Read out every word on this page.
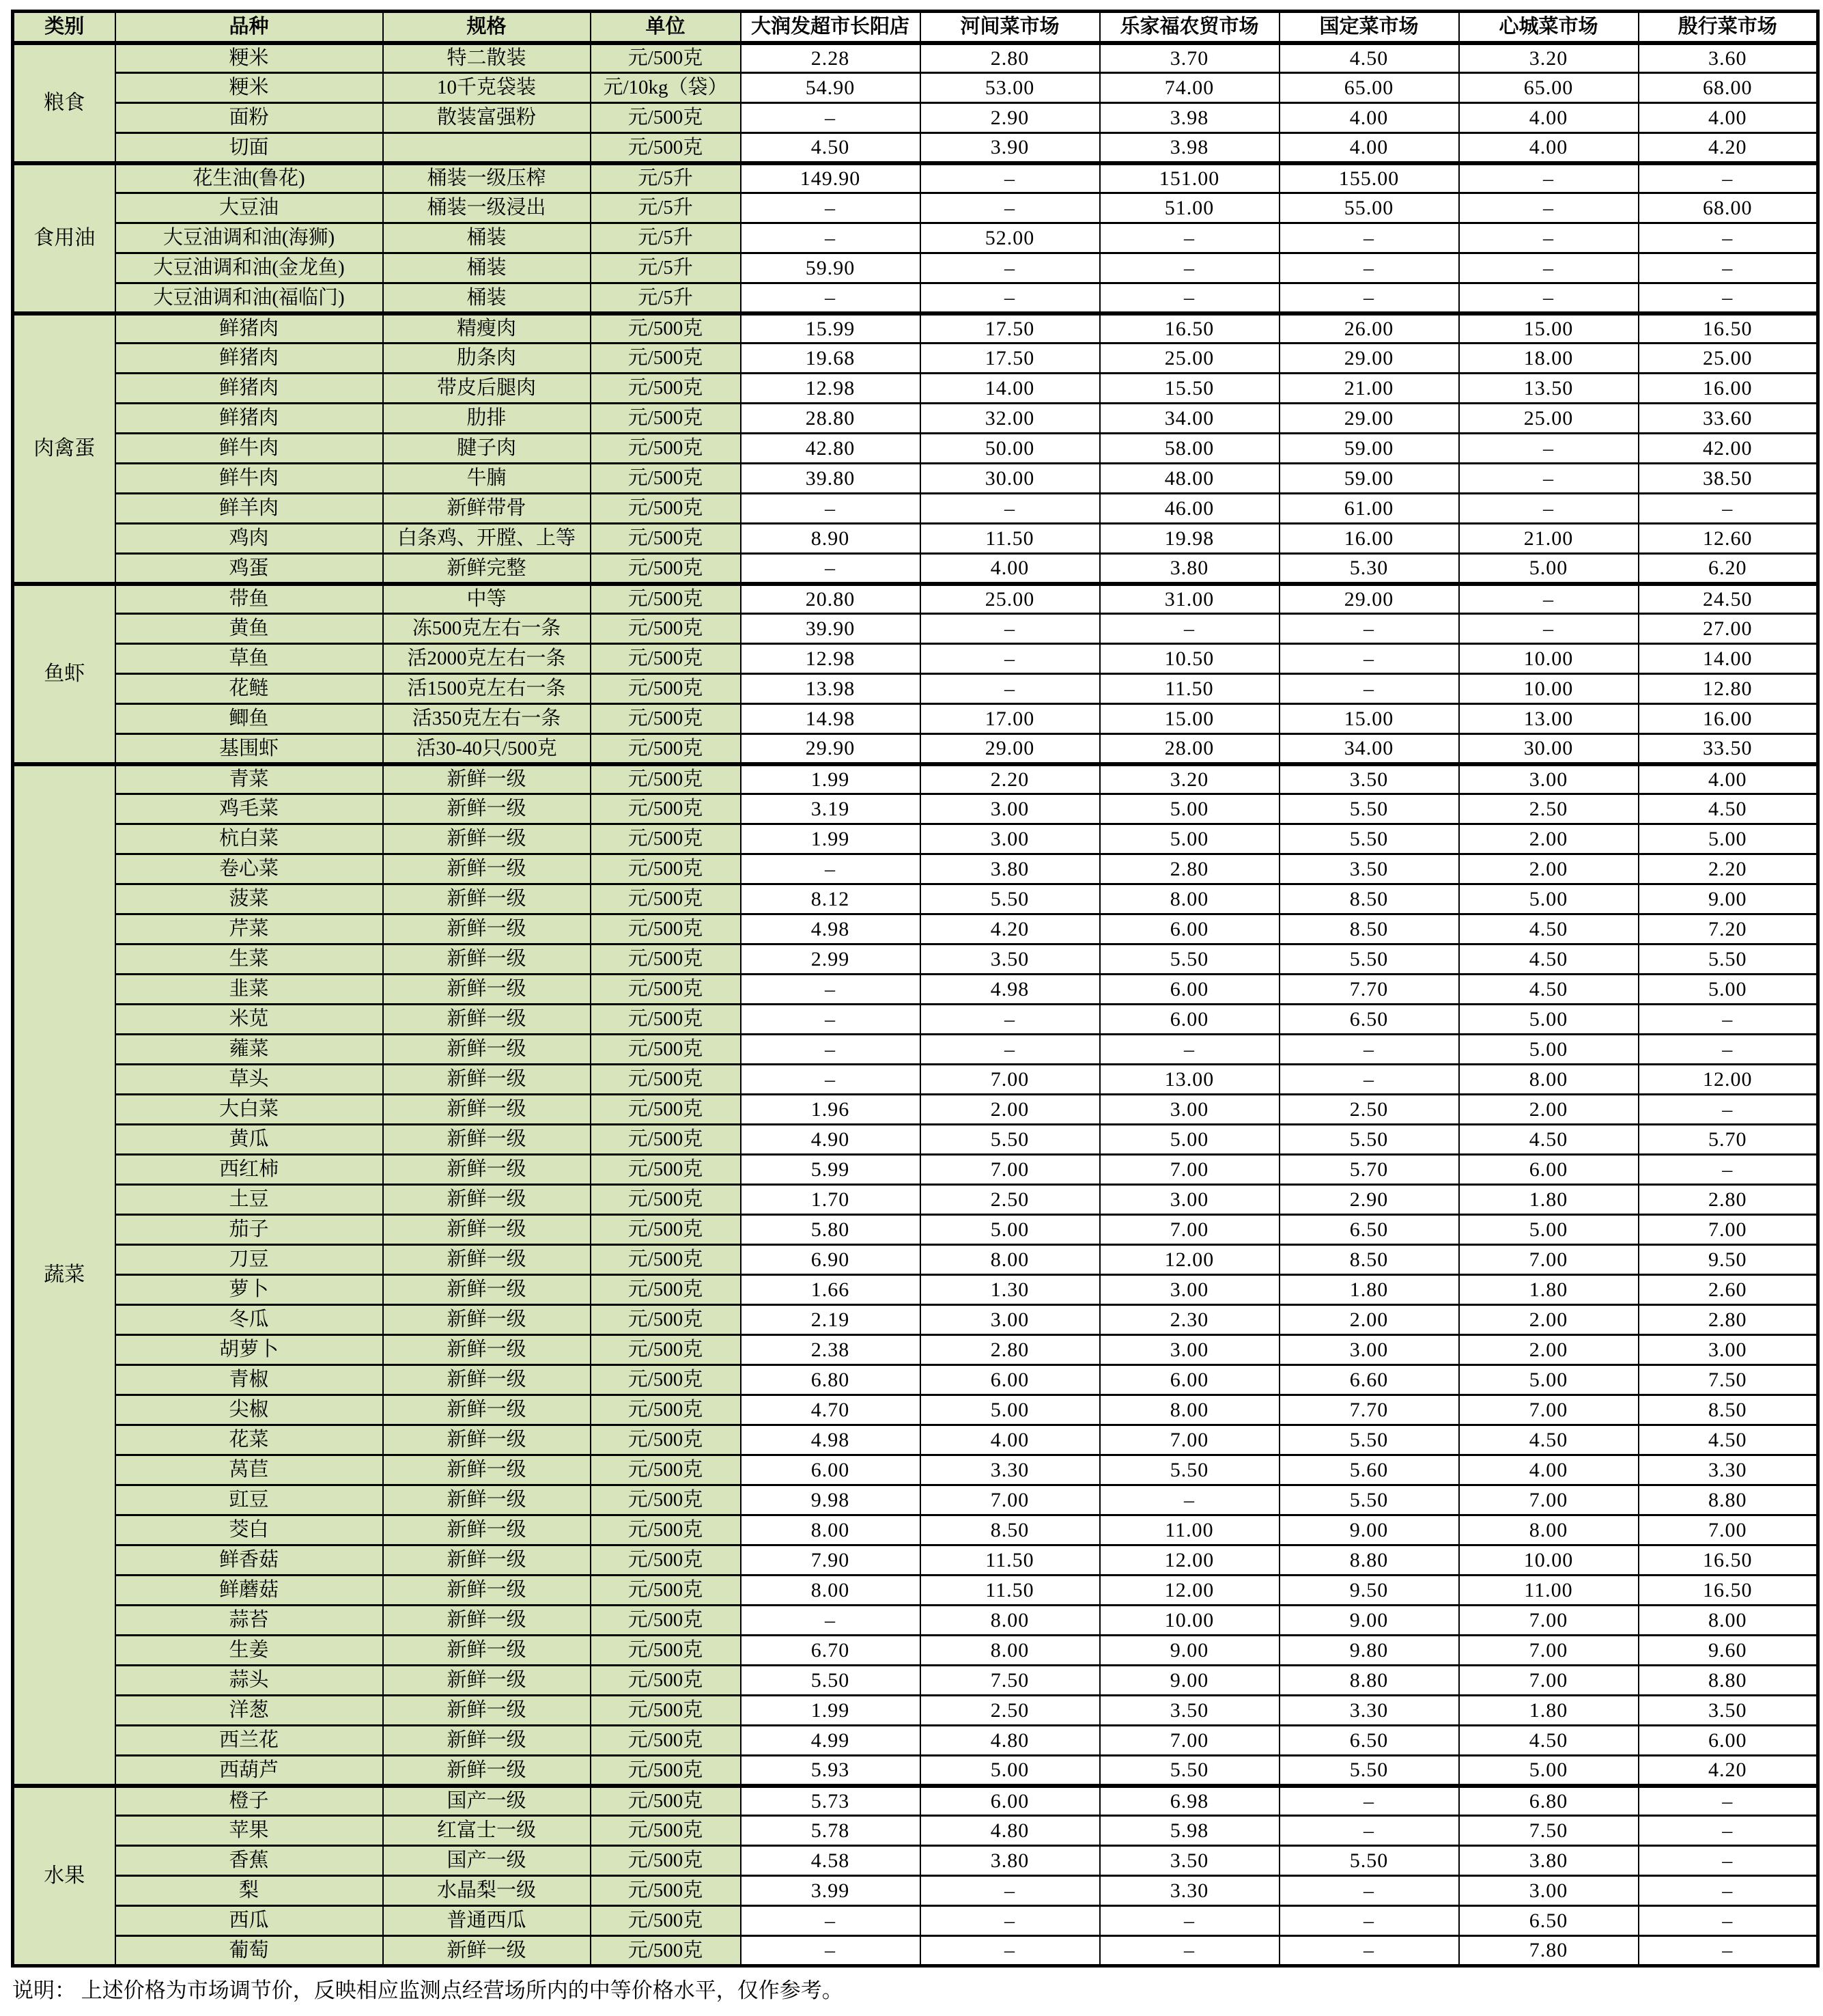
类别	品种	规格	单位	大润发超市长阳店	河间菜市场	乐家福农贸市场	国定菜市场	心城菜市场	殷行菜市场
粮食	粳米	特二散装	元/500克	2.28	2.80	3.70	4.50	3.20	3.60
	粳米	10千克袋装	元/10kg（袋）	54.90	53.00	74.00	65.00	65.00	68.00
	面粉	散装富强粉	元/500克	–	2.90	3.98	4.00	4.00	4.00
	切面		元/500克	4.50	3.90	3.98	4.00	4.00	4.20
食用油	花生油(鲁花)	桶装一级压榨	元/5升	149.90	–	151.00	155.00	–	–
	大豆油	桶装一级浸出	元/5升	–	–	51.00	55.00	–	68.00
	大豆油调和油(海狮)	桶装	元/5升	–	52.00	–	–	–	–
	大豆油调和油(金龙鱼)	桶装	元/5升	59.90	–	–	–	–	–
	大豆油调和油(福临门)	桶装	元/5升	–	–	–	–	–	–
肉禽蛋	鲜猪肉	精瘦肉	元/500克	15.99	17.50	16.50	26.00	15.00	16.50
	鲜猪肉	肋条肉	元/500克	19.68	17.50	25.00	29.00	18.00	25.00
	鲜猪肉	带皮后腿肉	元/500克	12.98	14.00	15.50	21.00	13.50	16.00
	鲜猪肉	肋排	元/500克	28.80	32.00	34.00	29.00	25.00	33.60
	鲜牛肉	腱子肉	元/500克	42.80	50.00	58.00	59.00	–	42.00
	鲜牛肉	牛腩	元/500克	39.80	30.00	48.00	59.00	–	38.50
	鲜羊肉	新鲜带骨	元/500克	–	–	46.00	61.00	–	–
	鸡肉	白条鸡、开膛、上等	元/500克	8.90	11.50	19.98	16.00	21.00	12.60
	鸡蛋	新鲜完整	元/500克	–	4.00	3.80	5.30	5.00	6.20
鱼虾	带鱼	中等	元/500克	20.80	25.00	31.00	29.00	–	24.50
	黄鱼	冻500克左右一条	元/500克	39.90	–	–	–	–	27.00
	草鱼	活2000克左右一条	元/500克	12.98	–	10.50	–	10.00	14.00
	花鲢	活1500克左右一条	元/500克	13.98	–	11.50	–	10.00	12.80
	鲫鱼	活350克左右一条	元/500克	14.98	17.00	15.00	15.00	13.00	16.00
	基围虾	活30-40只/500克	元/500克	29.90	29.00	28.00	34.00	30.00	33.50
蔬菜	青菜	新鲜一级	元/500克	1.99	2.20	3.20	3.50	3.00	4.00
	鸡毛菜	新鲜一级	元/500克	3.19	3.00	5.00	5.50	2.50	4.50
	杭白菜	新鲜一级	元/500克	1.99	3.00	5.00	5.50	2.00	5.00
	卷心菜	新鲜一级	元/500克	–	3.80	2.80	3.50	2.00	2.20
	菠菜	新鲜一级	元/500克	8.12	5.50	8.00	8.50	5.00	9.00
	芹菜	新鲜一级	元/500克	4.98	4.20	6.00	8.50	4.50	7.20
	生菜	新鲜一级	元/500克	2.99	3.50	5.50	5.50	4.50	5.50
	韭菜	新鲜一级	元/500克	–	4.98	6.00	7.70	4.50	5.00
	米苋	新鲜一级	元/500克	–	–	6.00	6.50	5.00	–
	蕹菜	新鲜一级	元/500克	–	–	–	–	5.00	–
	草头	新鲜一级	元/500克	–	7.00	13.00	–	8.00	12.00
	大白菜	新鲜一级	元/500克	1.96	2.00	3.00	2.50	2.00	–
	黄瓜	新鲜一级	元/500克	4.90	5.50	5.00	5.50	4.50	5.70
	西红柿	新鲜一级	元/500克	5.99	7.00	7.00	5.70	6.00	–
	土豆	新鲜一级	元/500克	1.70	2.50	3.00	2.90	1.80	2.80
	茄子	新鲜一级	元/500克	5.80	5.00	7.00	6.50	5.00	7.00
	刀豆	新鲜一级	元/500克	6.90	8.00	12.00	8.50	7.00	9.50
	萝卜	新鲜一级	元/500克	1.66	1.30	3.00	1.80	1.80	2.60
	冬瓜	新鲜一级	元/500克	2.19	3.00	2.30	2.00	2.00	2.80
	胡萝卜	新鲜一级	元/500克	2.38	2.80	3.00	3.00	2.00	3.00
	青椒	新鲜一级	元/500克	6.80	6.00	6.00	6.60	5.00	7.50
	尖椒	新鲜一级	元/500克	4.70	5.00	8.00	7.70	7.00	8.50
	花菜	新鲜一级	元/500克	4.98	4.00	7.00	5.50	4.50	4.50
	莴苣	新鲜一级	元/500克	6.00	3.30	5.50	5.60	4.00	3.30
	豇豆	新鲜一级	元/500克	9.98	7.00	–	5.50	7.00	8.80
	茭白	新鲜一级	元/500克	8.00	8.50	11.00	9.00	8.00	7.00
	鲜香菇	新鲜一级	元/500克	7.90	11.50	12.00	8.80	10.00	16.50
	鲜蘑菇	新鲜一级	元/500克	8.00	11.50	12.00	9.50	11.00	16.50
	蒜苔	新鲜一级	元/500克	–	8.00	10.00	9.00	7.00	8.00
	生姜	新鲜一级	元/500克	6.70	8.00	9.00	9.80	7.00	9.60
	蒜头	新鲜一级	元/500克	5.50	7.50	9.00	8.80	7.00	8.80
	洋葱	新鲜一级	元/500克	1.99	2.50	3.50	3.30	1.80	3.50
	西兰花	新鲜一级	元/500克	4.99	4.80	7.00	6.50	4.50	6.00
	西葫芦	新鲜一级	元/500克	5.93	5.00	5.50	5.50	5.00	4.20
水果	橙子	国产一级	元/500克	5.73	6.00	6.98	–	6.80	–
	苹果	红富士一级	元/500克	5.78	4.80	5.98	–	7.50	–
	香蕉	国产一级	元/500克	4.58	3.80	3.50	5.50	3.80	–
	梨	水晶梨一级	元/500克	3.99	–	3.30	–	3.00	–
	西瓜	普通西瓜	元/500克	–	–	–	–	6.50	–
	葡萄	新鲜一级	元/500克	–	–	–	–	7.80	–
说明： 上述价格为市场调节价，反映相应监测点经营场所内的中等价格水平，仅作参考。
